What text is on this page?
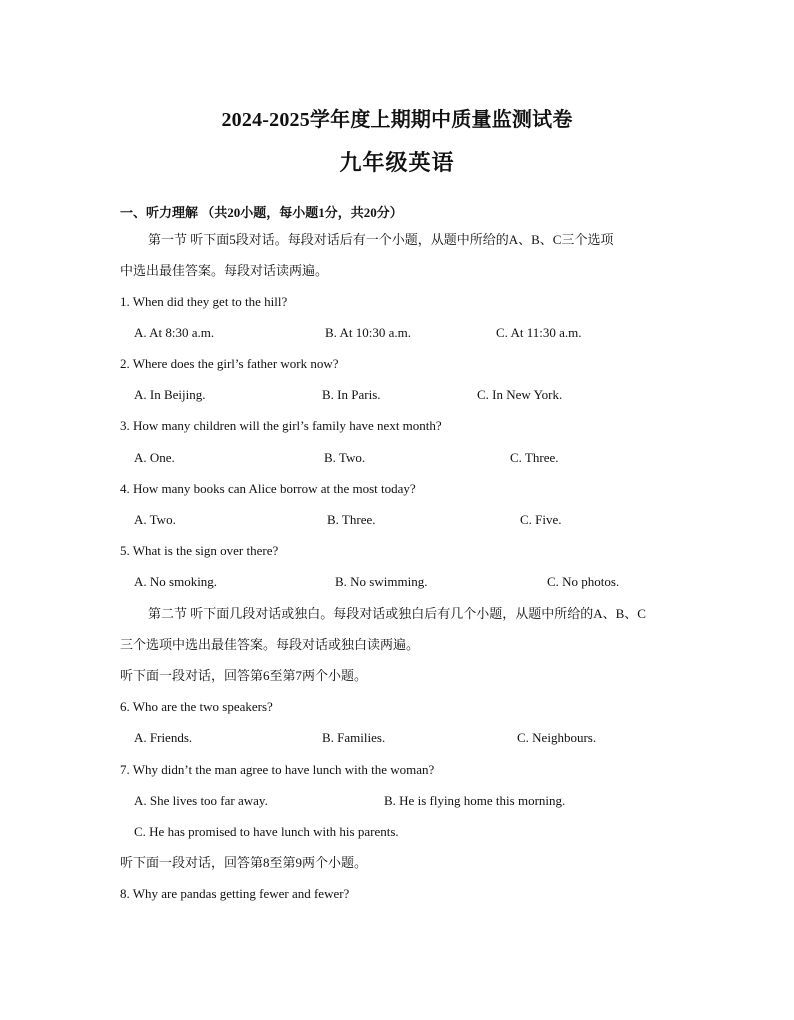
2024-2025学年度上期期中质量监测试卷
九年级英语
一、听力理解 （共20小题，每小题1分，共20分）
第一节 听下面5段对话。每段对话后有一个小题，从题中所给的A、B、C三个选项
中选出最佳答案。每段对话读两遍。
1. When did they get to the hill?
A. At 8:30 a.m.	B. At 10:30 a.m.	C. At 11:30 a.m.
2. Where does the girl’s father work now?
A. In Beijing.	B. In Paris.	C. In New York.
3. How many children will the girl’s family have next month?
A. One.	B. Two.	C. Three.
4. How many books can Alice borrow at the most today?
A. Two.	B. Three.	C. Five.
5. What is the sign over there?
A. No smoking.	B. No swimming.	C. No photos.
第二节 听下面几段对话或独白。每段对话或独白后有几个小题，从题中所给的A、B、C
三个选项中选出最佳答案。每段对话或独白读两遍。
听下面一段对话，回答第6至第7两个小题。
6. Who are the two speakers?
A. Friends.	B. Families.	C. Neighbours.
7. Why didn’t the man agree to have lunch with the woman?
A. She lives too far away.	B. He is flying home this morning.
C. He has promised to have lunch with his parents.
听下面一段对话，回答第8至第9两个小题。
8. Why are pandas getting fewer and fewer?
